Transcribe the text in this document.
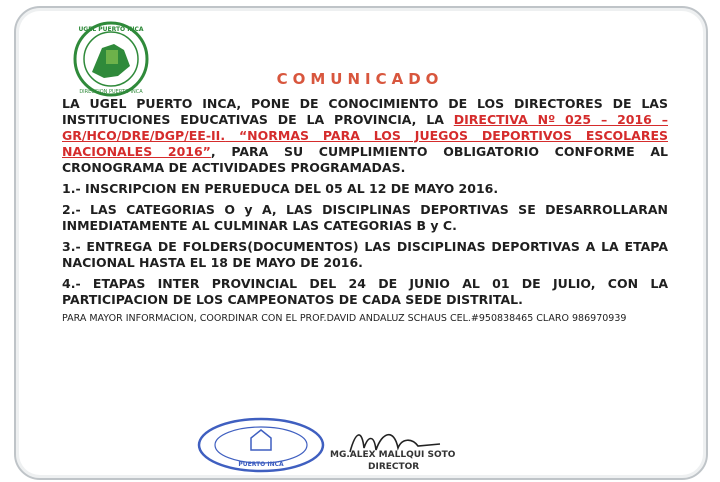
UGEL PUERTO INCA
DIRECCION PUERTO INCA
COMUNICADO

LA UGEL PUERTO INCA, PONE DE CONOCIMIENTO DE LOS DIRECTORES DE LAS INSTITUCIONES EDUCATIVAS DE LA PROVINCIA, LA DIRECTIVA Nº 025 – 2016 – GR/HCO/DRE/DGP/EE-II. “NORMAS PARA LOS JUEGOS DEPORTIVOS ESCOLARES NACIONALES 2016”, PARA SU CUMPLIMIENTO OBLIGATORIO CONFORME AL CRONOGRAMA DE ACTIVIDADES PROGRAMADAS.

1.- INSCRIPCION EN PERUEDUCA DEL 05 AL 12 DE MAYO 2016.

2.- LAS CATEGORIAS O y A, LAS DISCIPLINAS DEPORTIVAS SE DESARROLLARAN INMEDIATAMENTE AL CULMINAR LAS CATEGORIAS B y C.

3.- ENTREGA DE FOLDERS(DOCUMENTOS) LAS DISCIPLINAS DEPORTIVAS A LA ETAPA NACIONAL HASTA EL 18 DE MAYO DE 2016.

4.- ETAPAS INTER PROVINCIAL DEL 24 DE JUNIO AL 01 DE JULIO, CON LA PARTICIPACION DE LOS CAMPEONATOS DE CADA SEDE DISTRITAL.

PARA MAYOR INFORMACION, COORDINAR CON EL PROF.DAVID ANDALUZ SCHAUS CEL.#950838465 CLARO 986970939

PUERTO INCA
MG.ALEX MALLQUI SOTO
DIRECTOR
